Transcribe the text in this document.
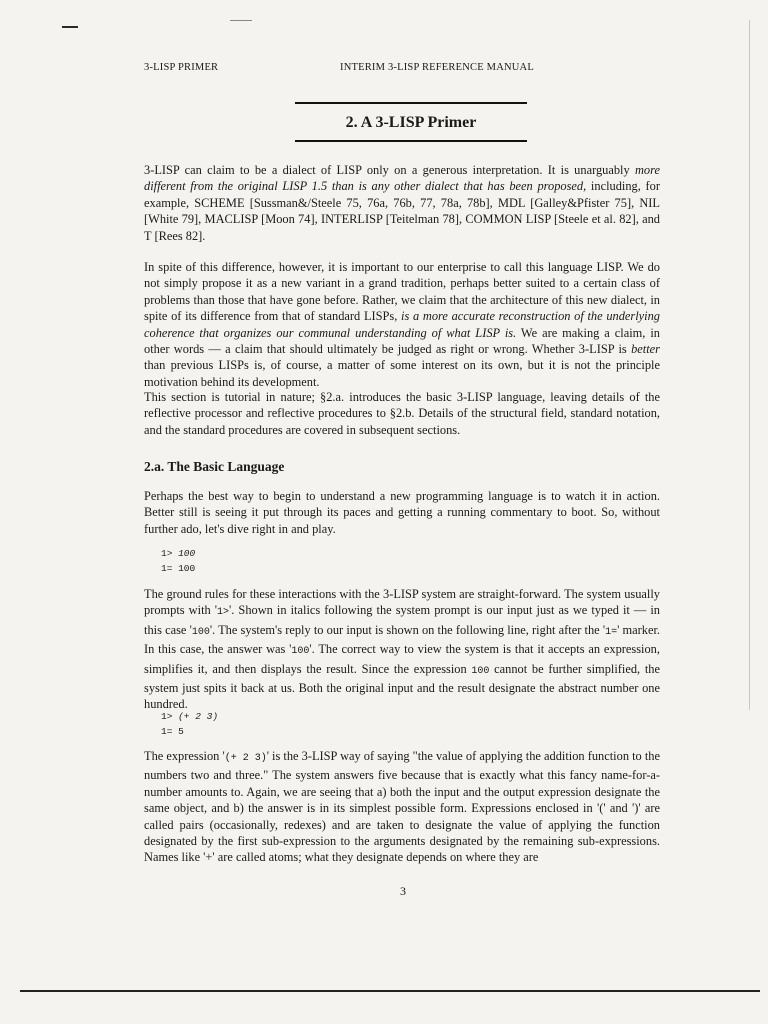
3-LISP PRIMER	INTERIM 3-LISP REFERENCE MANUAL
2. A 3-LISP Primer

3-LISP can claim to be a dialect of LISP only on a generous interpretation. It is unarguably more different from the original LISP 1.5 than is any other dialect that has been proposed, including, for example, SCHEME [Sussman&/Steele 75, 76a, 76b, 77, 78a, 78b], MDL [Galley&Pfister 75], NIL [White 79], MACLISP [Moon 74], INTERLISP [Teitelman 78], COMMON LISP [Steele et al. 82], and T [Rees 82].

In spite of this difference, however, it is important to our enterprise to call this language LISP. We do not simply propose it as a new variant in a grand tradition, perhaps better suited to a certain class of problems than those that have gone before. Rather, we claim that the architecture of this new dialect, in spite of its difference from that of standard LISPs, is a more accurate reconstruction of the underlying coherence that organizes our communal understanding of what LISP is. We are making a claim, in other words — a claim that should ultimately be judged as right or wrong. Whether 3-LISP is better than previous LISPs is, of course, a matter of some interest on its own, but it is not the principle motivation behind its development.

This section is tutorial in nature; §2.a. introduces the basic 3-LISP language, leaving details of the reflective processor and reflective procedures to §2.b. Details of the structural field, standard notation, and the standard procedures are covered in subsequent sections.

2.a. The Basic Language

Perhaps the best way to begin to understand a new programming language is to watch it in action. Better still is seeing it put through its paces and getting a running commentary to boot. So, without further ado, let's dive right in and play.

1> 100
1= 100

The ground rules for these interactions with the 3-LISP system are straight-forward. The system usually prompts with '1>'. Shown in italics following the system prompt is our input just as we typed it — in this case '100'. The system's reply to our input is shown on the following line, right after the '1=' marker. In this case, the answer was '100'. The correct way to view the system is that it accepts an expression, simplifies it, and then displays the result. Since the expression 100 cannot be further simplified, the system just spits it back at us. Both the original input and the result designate the abstract number one hundred.

1> (+ 2 3)
1= 5

The expression '(+ 2 3)' is the 3-LISP way of saying "the value of applying the addition function to the numbers two and three." The system answers five because that is exactly what this fancy name-for-a-number amounts to. Again, we are seeing that a) both the input and the output expression designate the same object, and b) the answer is in its simplest possible form. Expressions enclosed in '(' and ')' are called pairs (occasionally, redexes) and are taken to designate the value of applying the function designated by the first sub-expression to the arguments designated by the remaining sub-expressions. Names like '+' are called atoms; what they designate depends on where they are

3
